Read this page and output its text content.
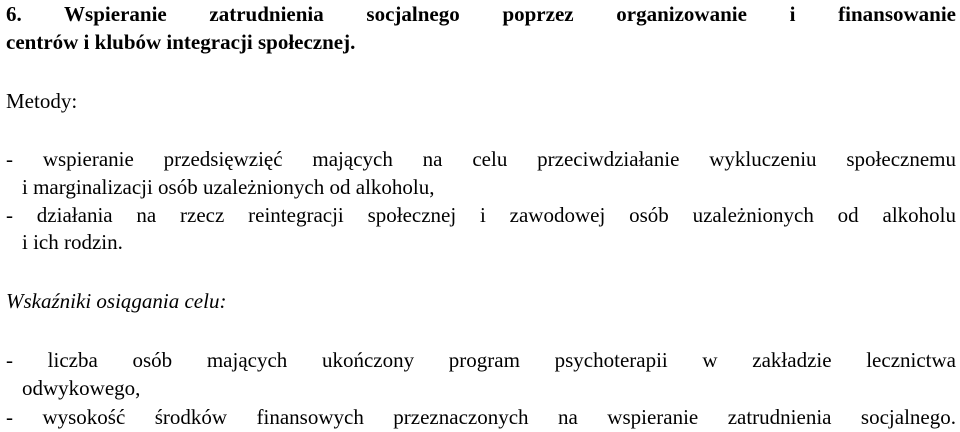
6. Wspieranie zatrudnienia socjalnego poprzez organizowanie i finansowanie
centrów i klubów integracji społecznej.
Metody:
- wspieranie przedsięwzięć mających na celu przeciwdziałanie wykluczeniu społecznemu
i marginalizacji osób uzależnionych od alkoholu,
- działania na rzecz reintegracji społecznej i zawodowej osób uzależnionych od alkoholu
i ich rodzin.
Wskaźniki osiągania celu:
- liczba osób mających ukończony program psychoterapii w zakładzie lecznictwa
odwykowego,
- wysokość środków finansowych przeznaczonych na wspieranie zatrudnienia socjalnego.
